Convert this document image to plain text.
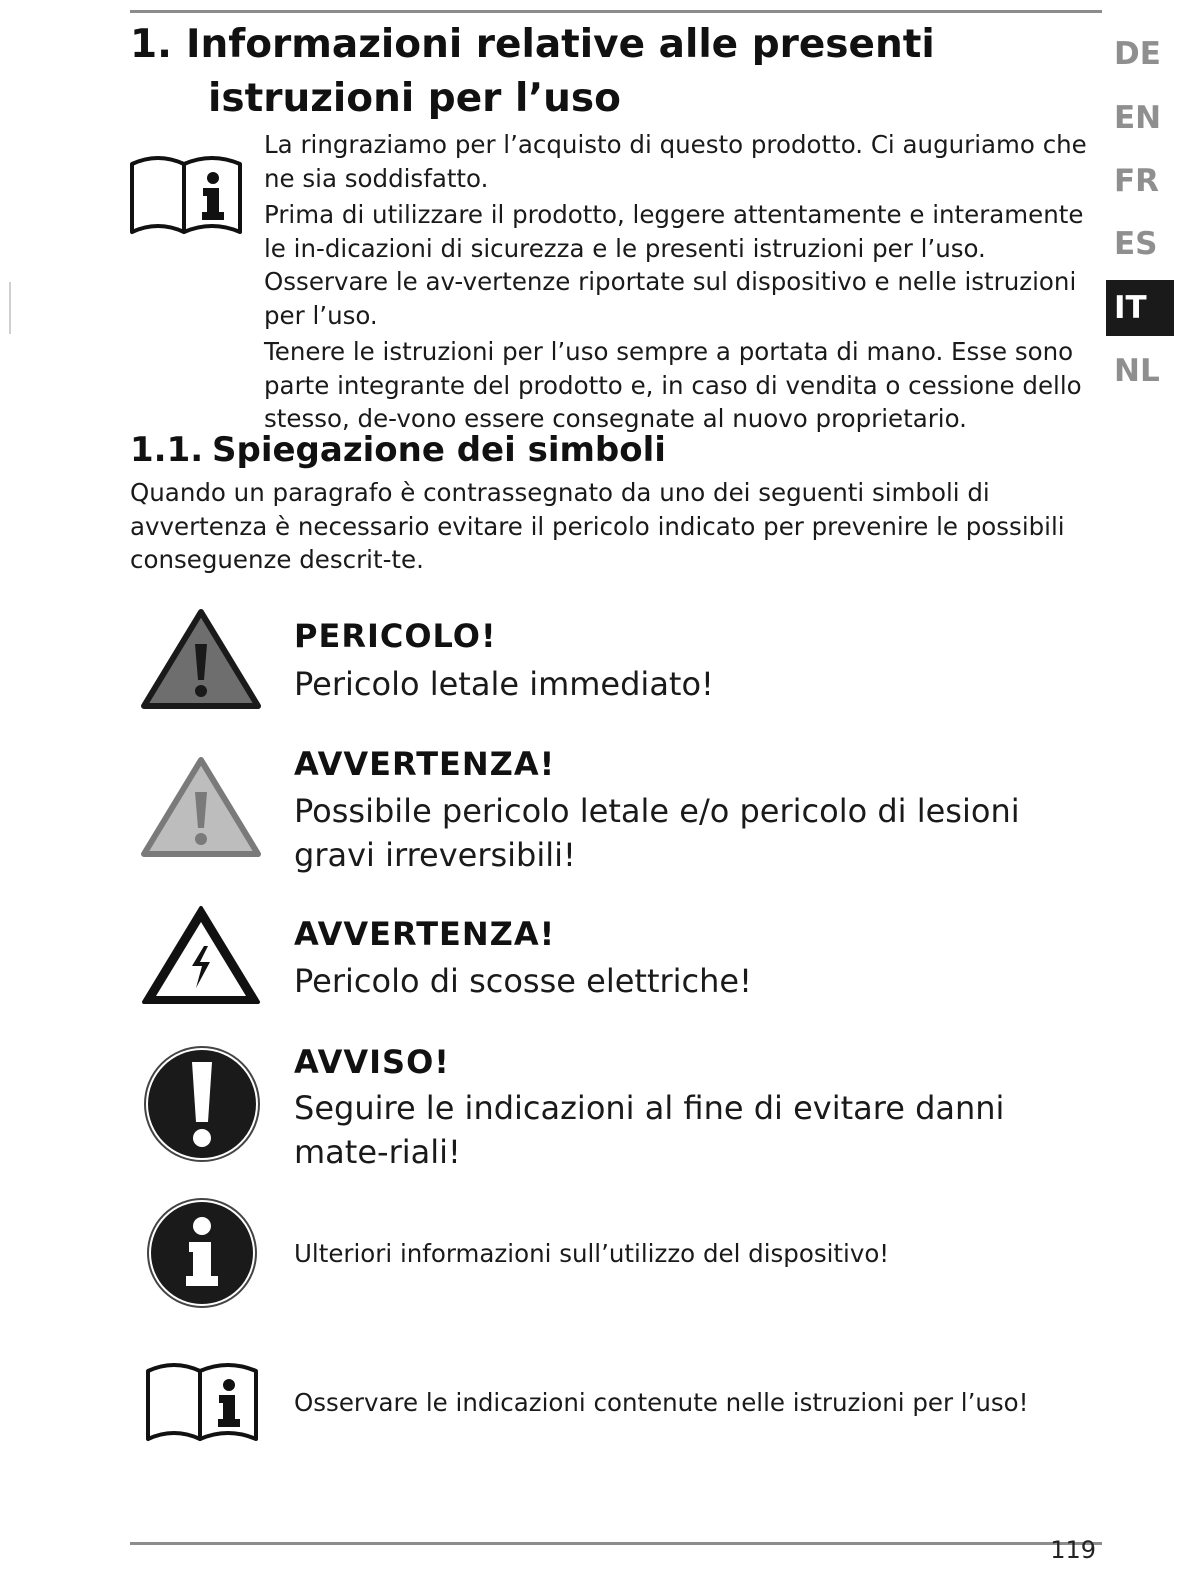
1. Informazioni relative alle presenti
istruzioni per l’uso

La ringraziamo per l’acquisto di questo prodotto. Ci auguriamo che ne sia soddisfatto.

Prima di utilizzare il prodotto, leggere attentamente e interamente le in-dicazioni di sicurezza e le presenti istruzioni per l’uso. Osservare le av-vertenze riportate sul dispositivo e nelle istruzioni per l’uso.

Tenere le istruzioni per l’uso sempre a portata di mano. Esse sono parte integrante del prodotto e, in caso di vendita o cessione dello stesso, de-vono essere consegnate al nuovo proprietario.

1.1. Spiegazione dei simboli

Quando un paragrafo è contrassegnato da uno dei seguenti simboli di avvertenza è necessario evitare il pericolo indicato per prevenire le possibili conseguenze descrit-te.

PERICOLO!

Pericolo letale immediato!

AVVERTENZA!

Possibile pericolo letale e/o pericolo di lesioni gravi irreversibili!

AVVERTENZA!

Pericolo di scosse elettriche!

AVVISO!

Seguire le indicazioni al fine di evitare danni mate-riali!

Ulteriori informazioni sull’utilizzo del dispositivo!

Osservare le indicazioni contenute nelle istruzioni per l’uso!

DE
EN
FR
ES
IT
NL

119
